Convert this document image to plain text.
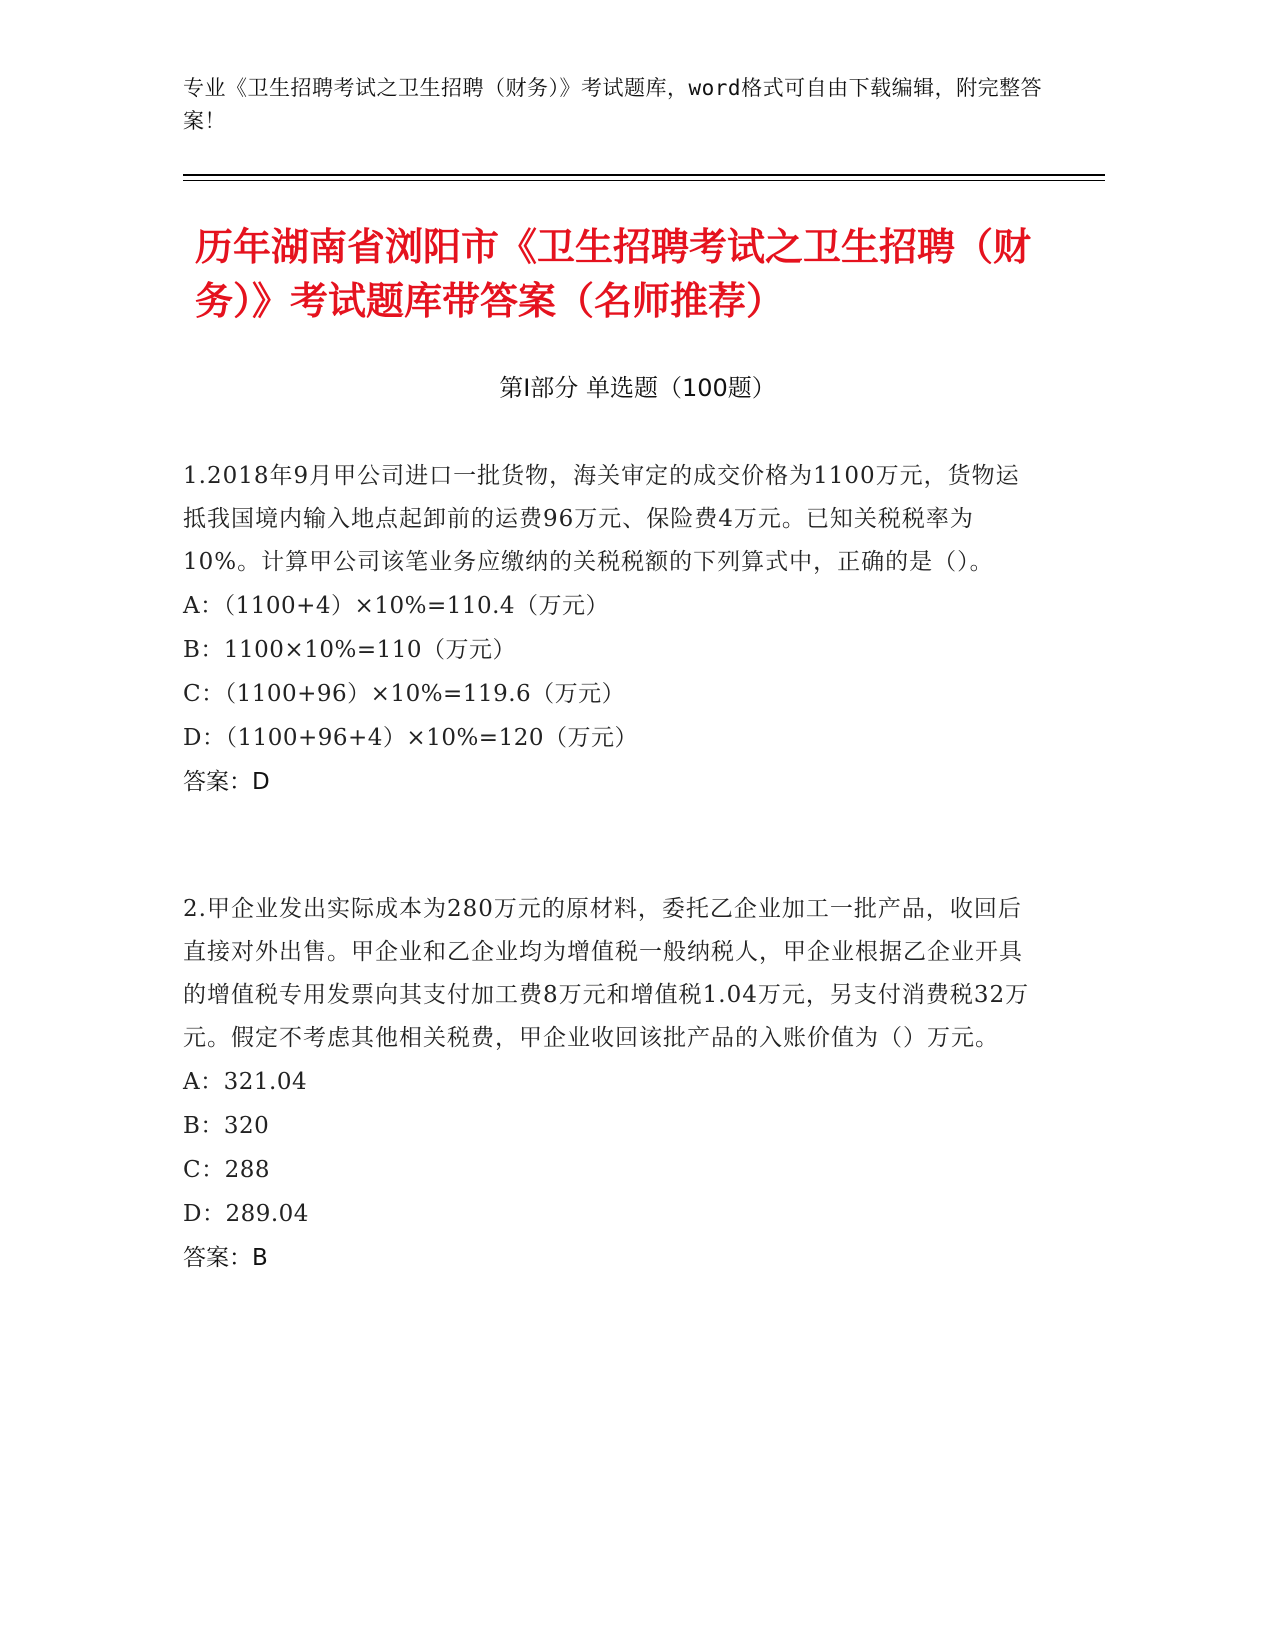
专业《卫生招聘考试之卫生招聘（财务）》考试题库，word格式可自由下载编辑，附完整答案！
历年湖南省浏阳市《卫生招聘考试之卫生招聘（财务）》考试题库带答案（名师推荐）
第Ⅰ部分 单选题（100题）
1.2018年9月甲公司进口一批货物，海关审定的成交价格为1100万元，货物运抵我国境内输入地点起卸前的运费96万元、保险费4万元。已知关税税率为10%。计算甲公司该笔业务应缴纳的关税税额的下列算式中，正确的是（）。
A：（1100+4）×10%=110.4（万元）
B：1100×10%=110（万元）
C：（1100+96）×10%=119.6（万元）
D：（1100+96+4）×10%=120（万元）
答案：D
2.甲企业发出实际成本为280万元的原材料，委托乙企业加工一批产品，收回后直接对外出售。甲企业和乙企业均为增值税一般纳税人，甲企业根据乙企业开具的增值税专用发票向其支付加工费8万元和增值税1.04万元，另支付消费税32万元。假定不考虑其他相关税费，甲企业收回该批产品的入账价值为（）万元。
A：321.04
B：320
C：288
D：289.04
答案：B
